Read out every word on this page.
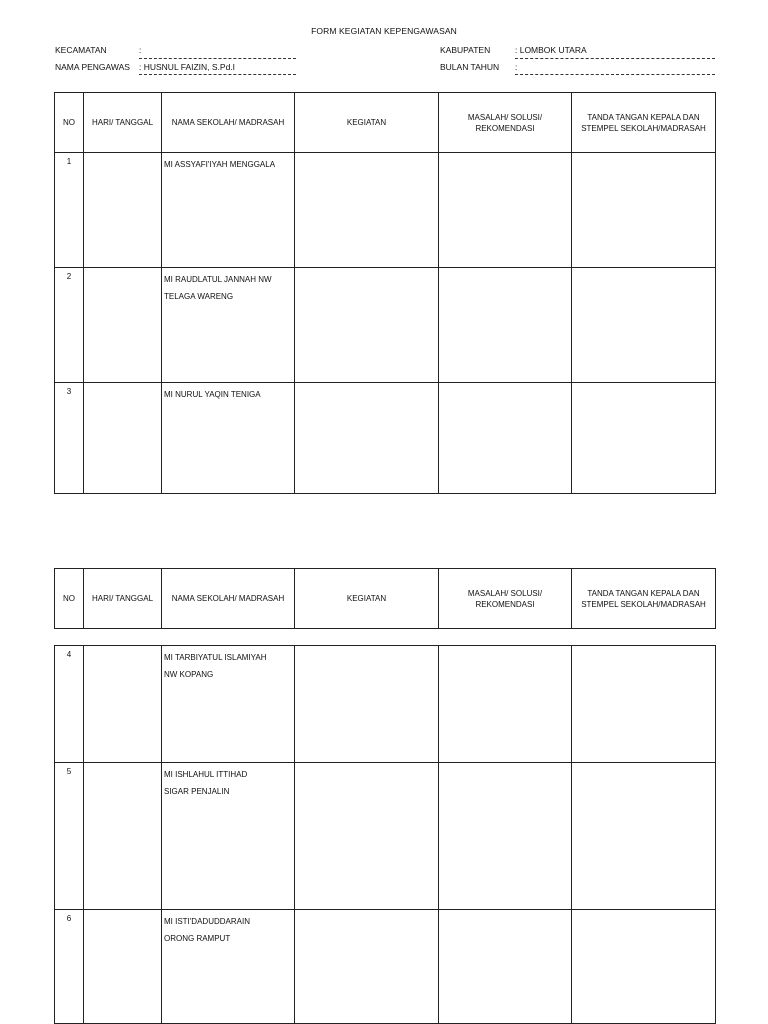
FORM KEGIATAN KEPENGAWASAN
KECAMATAN	:
NAMA PENGAWAS : HUSNUL FAIZIN, S.Pd.I
KABUPATEN	: LOMBOK UTARA
BULAN TAHUN :
NO	HARI/ TANGGAL	NAMA SEKOLAH/ MADRASAH	KEGIATAN	MASALAH/ SOLUSI/
REKOMENDASI	TANDA TANGAN KEPALA DAN
STEMPEL SEKOLAH/MADRASAH
1		MI ASSYAFI'IYAH MENGGALA

2		MI RAUDLATUL JANNAH NW
TELAGA WARENG			
3		MI NURUL YAQIN TENIGA

NO	HARI/ TANGGAL	NAMA SEKOLAH/ MADRASAH	KEGIATAN	MASALAH/ SOLUSI/
REKOMENDASI	TANDA TANGAN KEPALA DAN
STEMPEL SEKOLAH/MADRASAH
4		MI TARBIYATUL ISLAMIYAH
NW KOPANG			
5		MI ISHLAHUL ITTIHAD
SIGAR PENJALIN			
6		MI ISTI'DADUDDARAIN
ORONG RAMPUT			
